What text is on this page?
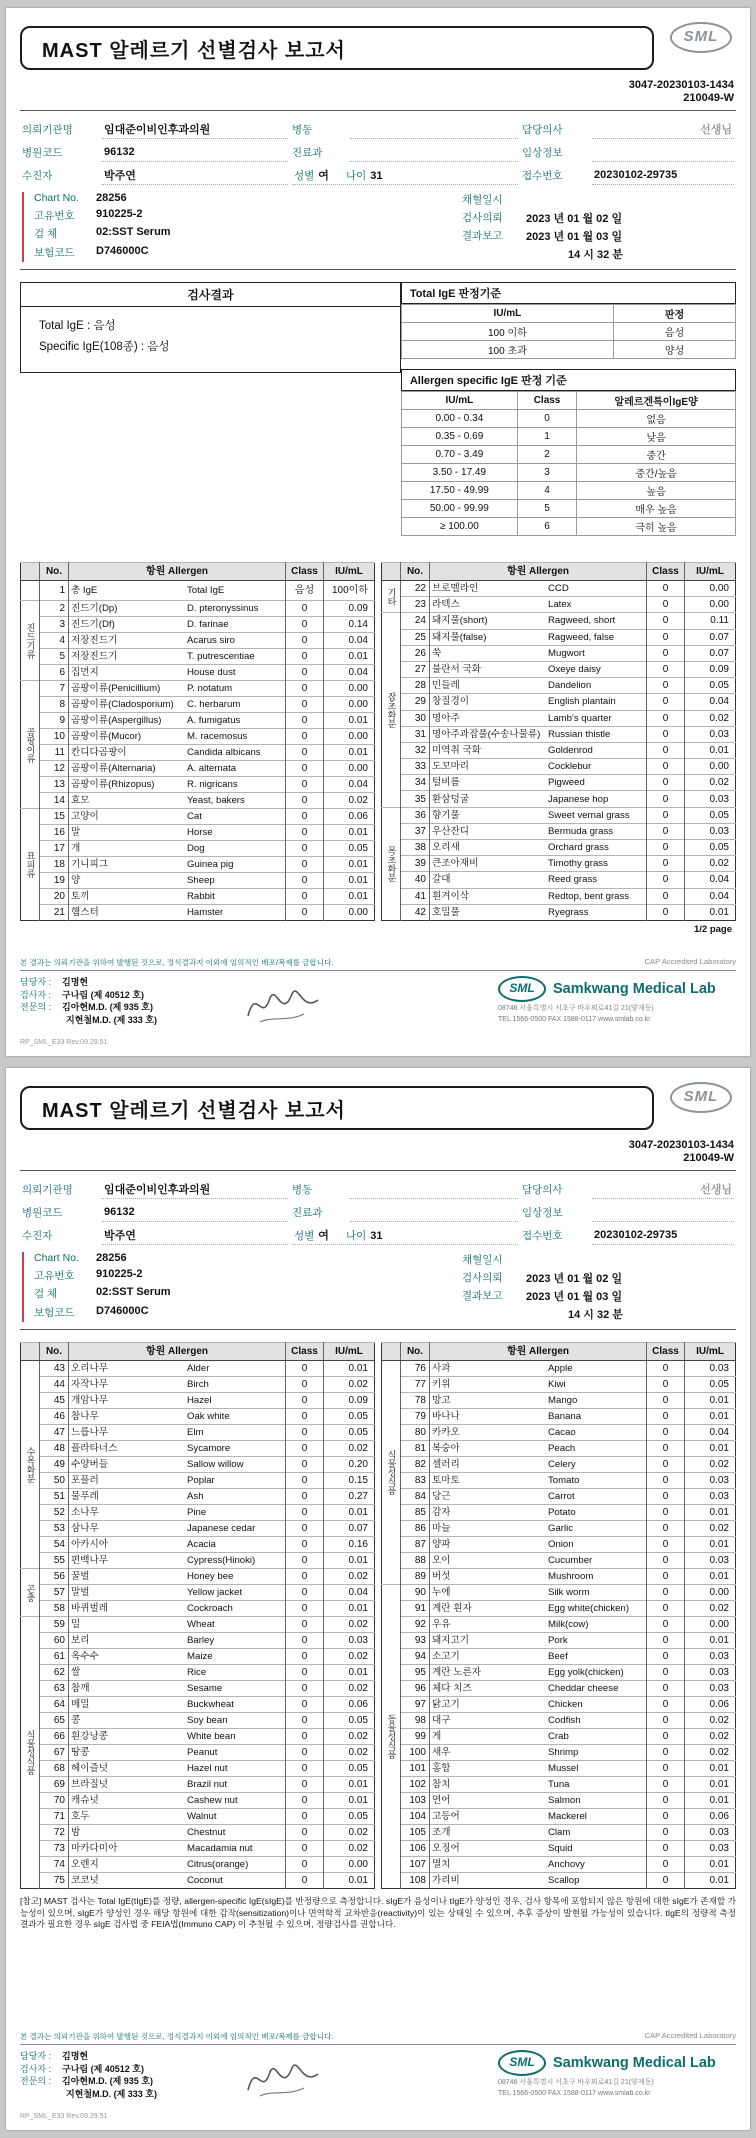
MAST 알레르기 선별검사 보고서
SML
3047-20230103-1434
210049-W
의뢰기관명	임대준이비인후과의원	병동	담당의사	선생님
병원코드	96132	진료과	임상정보
수진자	박주연	성별 여 나이 31	접수번호	20230102-29735
Chart No.	28256
고유번호	910225-2
검 체	02:SST Serum
보험코드	D746000C
채혈일시
검사의뢰	2023 년 01 월 02 일
결과보고	2023 년 01 월 03 일
14 시 32 분
검사결과
Total IgE : 음성
Specific IgE(108종) : 음성
Total IgE 판정기준
IU/mL	판정
100 이하	음성
100 초과	양성
Allergen specific IgE 판정 기준
IU/mL	Class	알레르겐특이IgE양
0.00 - 0.34	0	없음
0.35 - 0.69	1	낮음
0.70 - 3.49	2	중간
3.50 - 17.49	3	중간/높음
17.50 - 49.99	4	높음
50.00 - 99.99	5	매우 높음
≥ 100.00	6	극히 높음
	No.	항원 Allergen		Class	IU/mL
	1	총 IgE	Total IgE	음성	100이하
진드기류	2	진드기(Dp)	D. pteronyssinus	0	0.09
	3	진드기(Df)	D. farinae	0	0.14
	4	저장진드기	Acarus siro	0	0.04
	5	저장진드기	T. putrescentiae	0	0.01
	6	집먼지	House dust	0	0.04
곰팡이류	7	곰팡이류(Penicillium)	P. notatum	0	0.00
	8	곰팡이류(Cladosporium)	C. herbarum	0	0.00
	9	곰팡이류(Aspergillus)	A. fumigatus	0	0.01
	10	곰팡이류(Mucor)	M. racemosus	0	0.00
	11	칸디다곰팡이	Candida albicans	0	0.01
	12	곰팡이류(Alternaria)	A. alternata	0	0.00
	13	곰팡이류(Rhizopus)	R. nigricans	0	0.04
	14	효모	Yeast, bakers	0	0.02
표피류	15	고양이	Cat	0	0.06
	16	말	Horse	0	0.01
	17	개	Dog	0	0.05
	18	기니피그	Guinea pig	0	0.01
	19	양	Sheep	0	0.01
	20	토끼	Rabbit	0	0.01
	21	햄스터	Hamster	0	0.00
	No.	항원 Allergen		Class	IU/mL
기타	22	브로멜라인	CCD	0	0.00
	23	라텍스	Latex	0	0.00
잡초화분	24	돼지풀(short)	Ragweed, short	0	0.11
	25	돼지풀(false)	Ragweed, false	0	0.07
	26	쑥	Mugwort	0	0.07
	27	불란서 국화	Oxeye daisy	0	0.09
	28	민들레	Dandelion	0	0.05
	29	창질경이	English plantain	0	0.04
	30	명아주	Lamb's quarter	0	0.02
	31	명아주과잡풀(수송나물류)	Russian thistle	0	0.03
	32	미역취 국화	Goldenrod	0	0.01
	33	도꼬마리	Cocklebur	0	0.00
	34	털비름	Pigweed	0	0.02
	35	환삼덩굴	Japanese hop	0	0.03
목초화분	36	향기풀	Sweet vernal grass	0	0.05
	37	우산잔디	Bermuda grass	0	0.03
	38	오리새	Orchard grass	0	0.05
	39	큰조아재비	Timothy grass	0	0.02
	40	갈대	Reed grass	0	0.04
	41	흰겨이삭	Redtop, bent grass	0	0.04
	42	호밀풀	Ryegrass	0	0.01
1/2 page
본 결과는 의뢰기관을 위하여 발행된 것으로, 정식결과지 이외에 임의적인 배포/복제를 금합니다.	CAP Accredited Laboratory
담당자 : 김명현
검사자 : 구나림 (제 40512 호)
전문의 : 김아현M.D. (제 935 호)
지현철M.D. (제 333 호)
SML	Samkwang Medical Lab
08746 서울특별시 서초구 바우뫼로41길 21(양재동)
TEL 1566-0500 FAX 1588-0117 www.smlab.co.kr
RP_SML_E33 Rev.09.29.51
MAST 알레르기 선별검사 보고서
SML
3047-20230103-1434
210049-W
의뢰기관명	임대준이비인후과의원	병동	담당의사	선생님
병원코드	96132	진료과	임상정보
수진자	박주연	성별 여 나이 31	접수번호	20230102-29735
Chart No.	28256
고유번호	910225-2
검 체	02:SST Serum
보험코드	D746000C
채혈일시
검사의뢰	2023 년 01 월 02 일
결과보고	2023 년 01 월 03 일
14 시 32 분
	No.	항원 Allergen		Class	IU/mL
수목화분	43	오리나무	Alder	0	0.01
	44	자작나무	Birch	0	0.02
	45	개암나무	Hazel	0	0.09
	46	참나무	Oak white	0	0.05
	47	느릅나무	Elm	0	0.05
	48	플라타너스	Sycamore	0	0.02
	49	수양버들	Sallow willow	0	0.20
	50	포플러	Poplar	0	0.15
	51	물푸레	Ash	0	0.27
	52	소나무	Pine	0	0.01
	53	삼나무	Japanese cedar	0	0.07
	54	아카시아	Acacia	0	0.16
	55	편백나무	Cypress(Hinoki)	0	0.01
곤충	56	꿀벌	Honey bee	0	0.02
	57	말벌	Yellow jacket	0	0.04
	58	바퀴벌레	Cockroach	0	0.01
식물성식품	59	밀	Wheat	0	0.02
	60	보리	Barley	0	0.03
	61	옥수수	Maize	0	0.02
	62	쌀	Rice	0	0.01
	63	참깨	Sesame	0	0.02
	64	메밀	Buckwheat	0	0.06
	65	콩	Soy bean	0	0.05
	66	흰강낭콩	White bean	0	0.02
	67	땅콩	Peanut	0	0.02
	68	헤이즐넛	Hazel nut	0	0.05
	69	브라질넛	Brazil nut	0	0.01
	70	캐슈넛	Cashew nut	0	0.01
	71	호두	Walnut	0	0.05
	72	밤	Chestnut	0	0.02
	73	마카다미아	Macadamia nut	0	0.02
	74	오렌지	Citrus(orange)	0	0.00
	75	코코넛	Coconut	0	0.01
	No.	항원 Allergen		Class	IU/mL
식물성식품	76	사과	Apple	0	0.03
	77	키위	Kiwi	0	0.05
	78	망고	Mango	0	0.01
	79	바나나	Banana	0	0.01
	80	카카오	Cacao	0	0.04
	81	복숭아	Peach	0	0.01
	82	셀러리	Celery	0	0.02
	83	토마토	Tomato	0	0.03
	84	당근	Carrot	0	0.03
	85	감자	Potato	0	0.01
	86	마늘	Garlic	0	0.02
	87	양파	Onion	0	0.01
	88	오이	Cucumber	0	0.03
	89	버섯	Mushroom	0	0.01
동물성식품	90	누에	Silk worm	0	0.00
	91	계란 흰자	Egg white(chicken)	0	0.02
	92	우유	Milk(cow)	0	0.00
	93	돼지고기	Pork	0	0.01
	94	소고기	Beef	0	0.03
	95	계란 노른자	Egg yolk(chicken)	0	0.03
	96	체다 치즈	Cheddar cheese	0	0.03
	97	닭고기	Chicken	0	0.06
	98	대구	Codfish	0	0.02
	99	게	Crab	0	0.02
	100	새우	Shrimp	0	0.02
	101	홍합	Mussel	0	0.01
	102	참치	Tuna	0	0.01
	103	연어	Salmon	0	0.01
	104	고등어	Mackerel	0	0.06
	105	조개	Clam	0	0.03
	106	오징어	Squid	0	0.03
	107	멸치	Anchovy	0	0.01
	108	가리비	Scallop	0	0.01
[참고] MAST 검사는 Total IgE(tIgE)를 정량, allergen-specific IgE(sIgE)를 반정량으로 측정합니다. sIgE가 음성이나 tIgE가 양성인 경우, 검사 항목에 포함되지 않은 항원에 대한 sIgE가 존재할 가능성이 있으며, sIgE가 양성인 경우 해당 항원에 대한 감작(sensitization)이나 면역학적 교차반응(reactivity)이 있는 상태일 수 있으며, 추후 증상이 발현될 가능성이 있습니다. tIgE의 정량적 측정 결과가 필요한 경우 sIgE 검사법 중 FEIA법(Immuno CAP) 이 추천될 수 있으며, 정량검사를 권합니다.
본 결과는 의뢰기관을 위하여 발행된 것으로, 정식결과지 이외에 임의적인 배포/복제를 금합니다.	CAP Accredited Laboratory
담당자 : 김명현
검사자 : 구나림 (제 40512 호)
전문의 : 김아현M.D. (제 935 호)
지현철M.D. (제 333 호)
SML	Samkwang Medical Lab
08746 서울특별시 서초구 바우뫼로41길 21(양재동)
TEL 1566-0500 FAX 1588-0117 www.smlab.co.kr
RP_SML_E33 Rev.09.29.51
